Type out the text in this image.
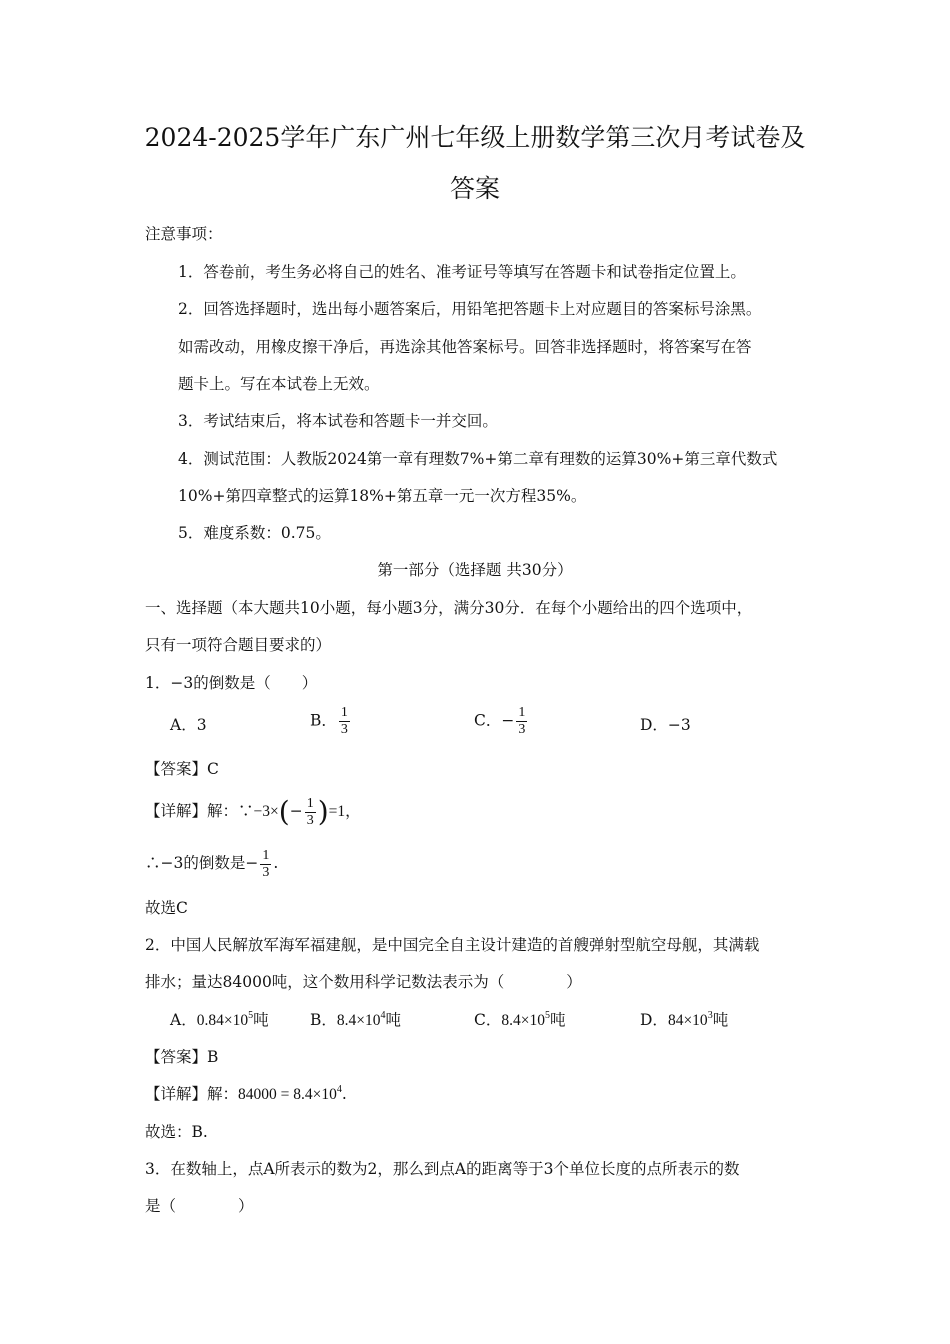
2024-2025学年广东广州七年级上册数学第三次月考试卷及
答案
注意事项：
1．答卷前，考生务必将自己的姓名、准考证号等填写在答题卡和试卷指定位置上。
2．回答选择题时，选出每小题答案后，用铅笔把答题卡上对应题目的答案标号涂黑。
如需改动，用橡皮擦干净后，再选涂其他答案标号。回答非选择题时，将答案写在答
题卡上。写在本试卷上无效。
3．考试结束后，将本试卷和答题卡一并交回。
4．测试范围：人教版2024第一章有理数7%+第二章有理数的运算30%+第三章代数式
10%+第四章整式的运算18%+第五章一元一次方程35%。
5．难度系数：0.75。
第一部分（选择题 共30分）
一、选择题（本大题共10小题，每小题3分，满分30分．在每个小题给出的四个选项中，
只有一项符合题目要求的）
1．−3的倒数是（　　）
A．3	B． $\frac{1}{3}$	C．− $\frac{1}{3}$	D．−3
【答案】C
【详解】解：∵−3×(− $\frac{1}{3} )=1$，
∴−3的倒数是− $\frac{1}{3}$ .
故选C
2．中国人民解放军海军福建舰，是中国完全自主设计建造的首艘弹射型航空母舰，其满载
排水；量达84000吨，这个数用科学记数法表示为（　　　　）
A．$0.84\times 10^5$吨	B．$8.4\times 10^4$吨	C．$8.4\times 10^5$吨	D．$84\times 10^3$吨
【答案】B
【详解】解：$84000 = 8.4\times 10^4$.
故选：B.
3．在数轴上，点A所表示的数为2，那么到点A的距离等于3个单位长度的点所表示的数
是（　　　　）
